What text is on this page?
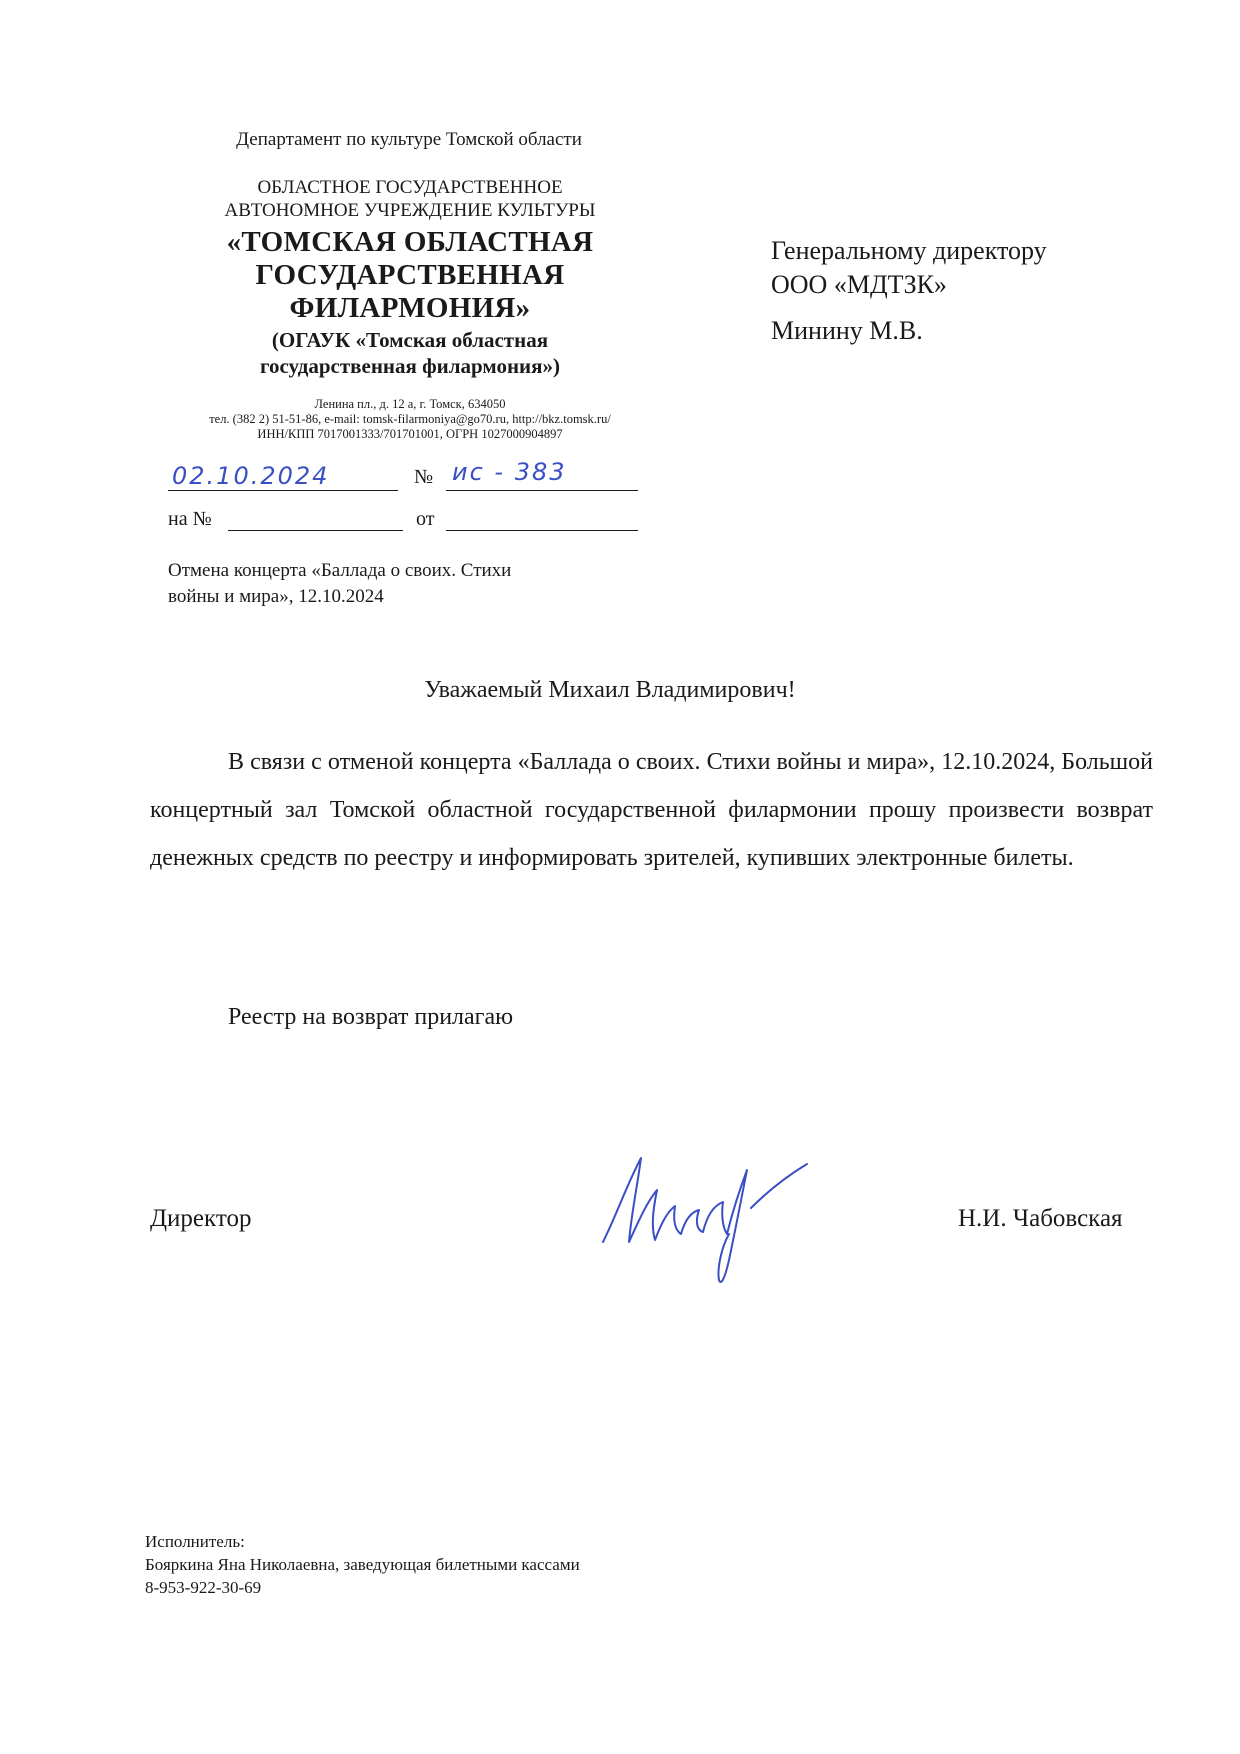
Департамент по культуре Томской области
ОБЛАСТНОЕ ГОСУДАРСТВЕННОЕ
АВТОНОМНОЕ УЧРЕЖДЕНИЕ КУЛЬТУРЫ
«ТОМСКАЯ ОБЛАСТНАЯ
ГОСУДАРСТВЕННАЯ
ФИЛАРМОНИЯ»
(ОГАУК «Томская областная
государственная филармония»)
Ленина пл., д. 12 а, г. Томск, 634050
тел. (382 2) 51-51-86, e-mail: tomsk-filarmoniya@go70.ru, http://bkz.tomsk.ru/
ИНН/КПП 7017001333/701701001, ОГРН 1027000904897
02.10.2024	№ ис - 383
на №	от
Отмена концерта «Баллада о своих. Стихи
войны и мира», 12.10.2024
Генеральному директору
ООО «МДТЗК»
Минину М.В.
Уважаемый Михаил Владимирович!
В связи с отменой концерта «Баллада о своих. Стихи войны и мира», 12.10.2024, Большой концертный зал Томской областной государственной филармонии прошу произвести возврат денежных средств по реестру и информировать зрителей, купивших электронные билеты.
Реестр на возврат прилагаю
Директор	Н.И. Чабовская
Исполнитель:
Бояркина Яна Николаевна, заведующая билетными кассами
8-953-922-30-69
